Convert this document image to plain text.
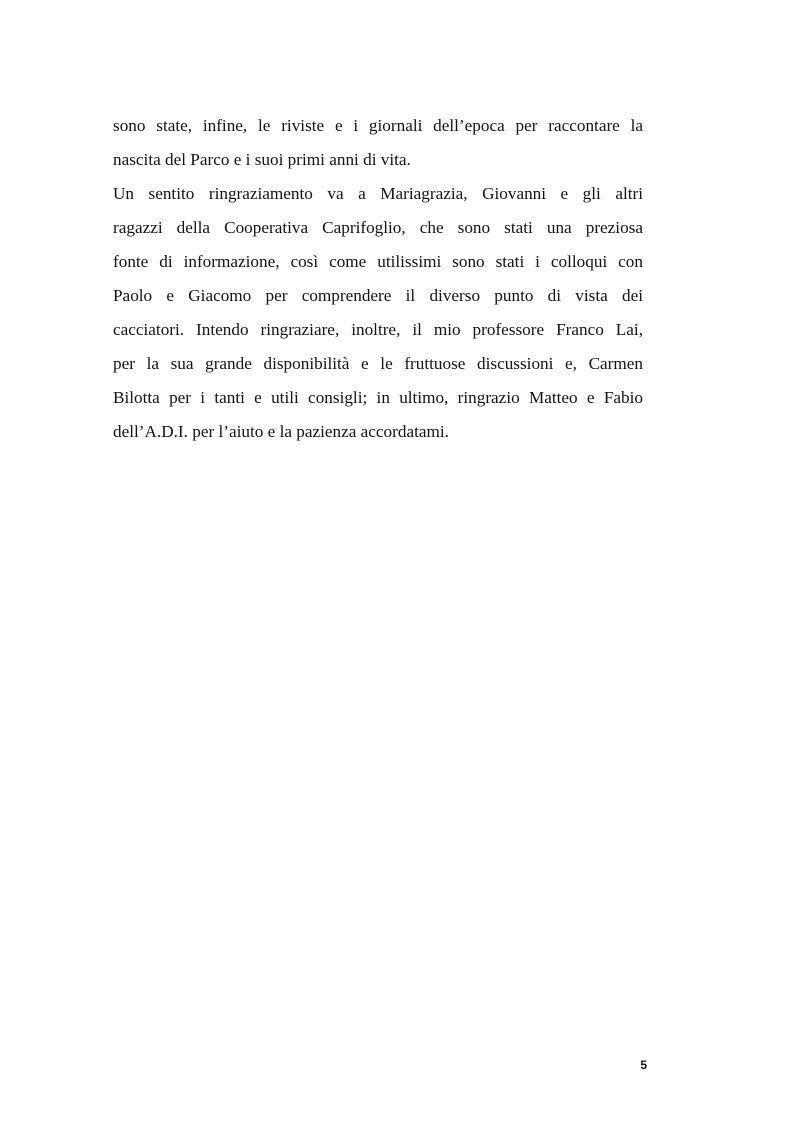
sono state, infine, le riviste e i giornali dell’epoca per raccontare la
nascita del Parco e i suoi primi anni di vita.
Un sentito ringraziamento va a Mariagrazia, Giovanni e gli altri
ragazzi della Cooperativa Caprifoglio, che sono stati una preziosa
fonte di informazione, così come utilissimi sono stati i colloqui con
Paolo e Giacomo per comprendere il diverso punto di vista dei
cacciatori. Intendo ringraziare, inoltre, il mio professore Franco Lai,
per la sua grande disponibilità e le fruttuose discussioni e, Carmen
Bilotta per i tanti e utili consigli; in ultimo, ringrazio Matteo e Fabio
dell’A.D.I. per l’aiuto e la pazienza accordatami.
5
